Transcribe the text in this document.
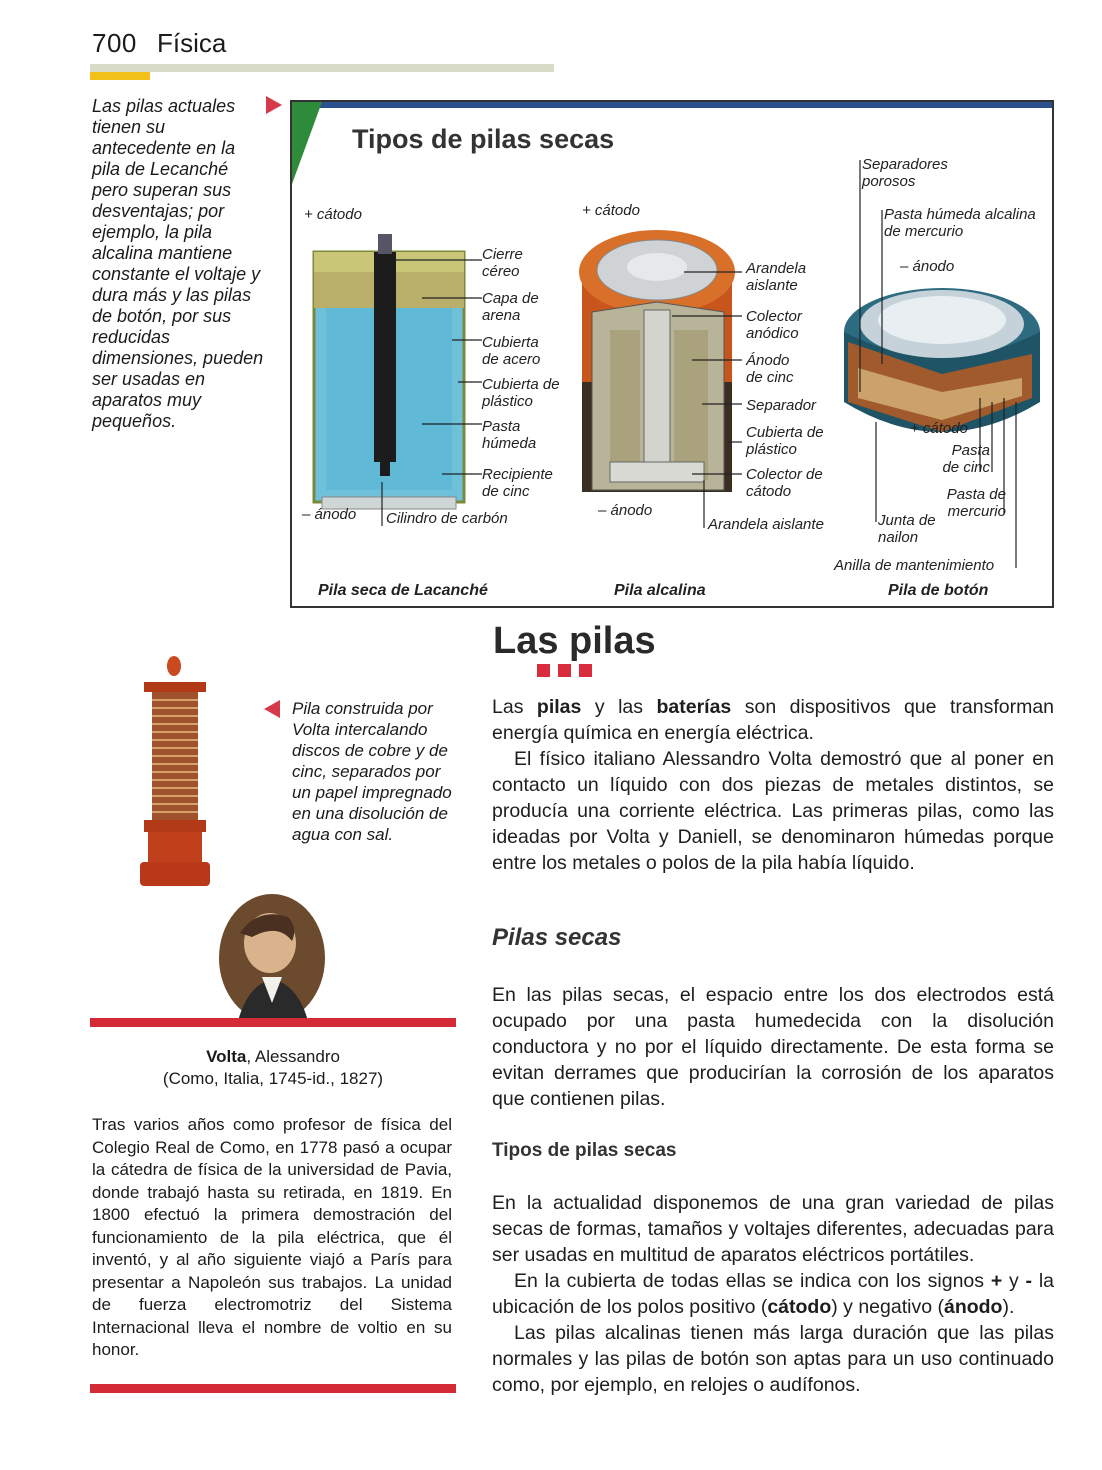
700 Física
Las pilas actuales tienen su antecedente en la pila de Lecanché pero superan sus desventajas; por ejemplo, la pila alcalina mantiene constante el voltaje y dura más y las pilas de botón, por sus reducidas dimensiones, pueden ser usadas en aparatos muy pequeños.
Tipos de pilas secas
+ cátodo
– ánodo
Cierre céreo
Capa de arena
Cubierta de acero
Cubierta de plástico
Pasta húmeda
Recipiente de cinc
Cilindro de carbón
+ cátodo
– ánodo
Arandela aislante
Colector anódico
Ánodo de cinc
Separador
Cubierta de plástico
Colector de cátodo
Arandela aislante
Separadores porosos
Pasta húmeda alcalina de mercurio
– ánodo
+ cátodo
Pasta de cinc
Pasta de mercurio
Junta de nailon
Anilla de mantenimiento
Pila seca de Lacanché	Pila alcalina	Pila de botón
Las pilas

Las pilas y las baterías son dispositivos que transforman energía química en energía eléctrica.

El físico italiano Alessandro Volta demostró que al poner en contacto un líquido con dos piezas de metales distintos, se producía una corriente eléctrica. Las primeras pilas, como las ideadas por Volta y Daniell, se denominaron húmedas porque entre los metales o polos de la pila había líquido.

Pilas secas

En las pilas secas, el espacio entre los dos electrodos está ocupado por una pasta humedecida con la disolución conductora y no por el líquido directamente. De esta forma se evitan derrames que producirían la corrosión de los aparatos que contienen pilas.

Tipos de pilas secas

En la actualidad disponemos de una gran variedad de pilas secas de formas, tamaños y voltajes diferentes, adecuadas para ser usadas en multitud de aparatos eléctricos portátiles.

En la cubierta de todas ellas se indica con los signos + y - la ubicación de los polos positivo (cátodo) y negativo (ánodo).

Las pilas alcalinas tienen más larga duración que las pilas normales y las pilas de botón son aptas para un uso continuado como, por ejemplo, en relojes o audífonos.

Pila construida por Volta intercalando discos de cobre y de cinc, separados por un papel impregnado en una disolución de agua con sal.
Volta, Alessandro
(Como, Italia, 1745-id., 1827)
Tras varios años como profesor de física del Colegio Real de Como, en 1778 pasó a ocupar la cátedra de física de la universidad de Pavia, donde trabajó hasta su retirada, en 1819. En 1800 efectuó la primera demostración del funcionamiento de la pila eléctrica, que él inventó, y al año siguiente viajó a París para presentar a Napoleón sus trabajos. La unidad de fuerza electromotriz del Sistema Internacional lleva el nombre de voltio en su honor.
